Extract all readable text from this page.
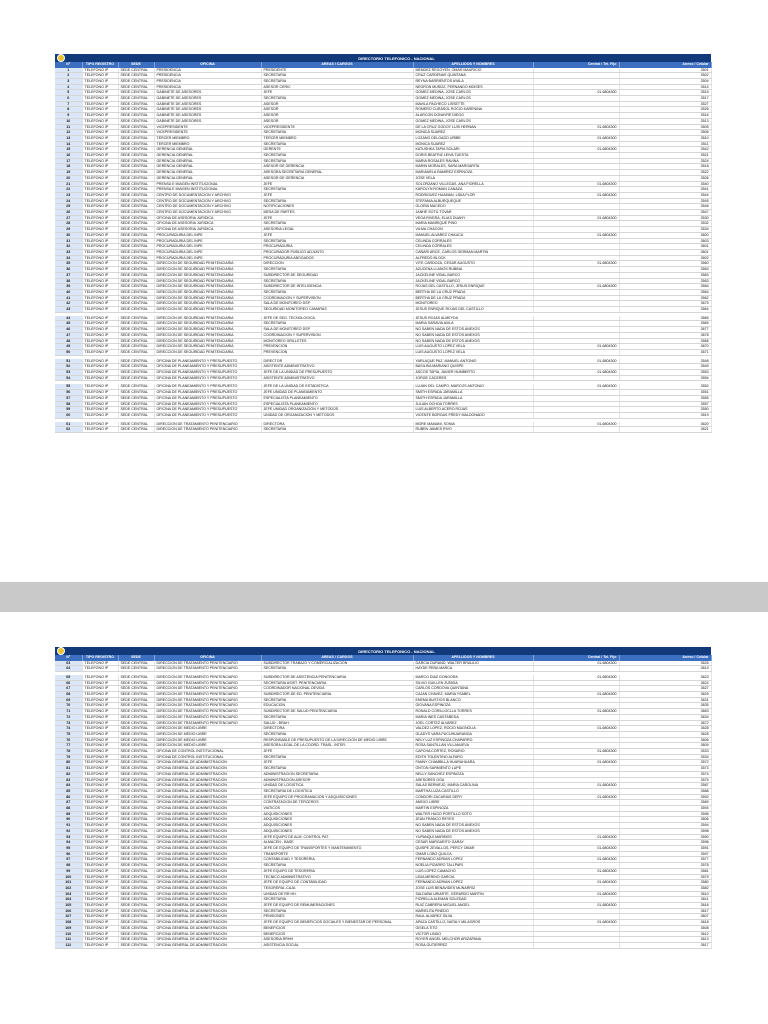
	DIRECTORIO TELEFONICO - NACIONAL						
Nº	TIPO REGISTRO	SEDE	OFICINA	AREAS / CARGOS	APELLIDOS Y NOMBRES	Central / Tel. Fijo	Anexo / Celular
1	TELEFONO IP	SEDE CENTRAL	PRESIDENCIA	PRESIDENTE	MENDEZ REGOYEN, OMAR MAURICIO		3501
2	TELEFONO IP	SEDE CENTRAL	PRESIDENCIA	SECRETARIA	CRUZ CARDENAS QUINTANA		3502
3	TELEFONO IP	SEDE CENTRAL	PRESIDENCIA	SECRETARIA	REYNA BARRIENTOS AYALA		3504
4	TELEFONO IP	SEDE CENTRAL	PRESIDENCIA	ASESOR CERIC	NEGRON MUÑOZ, FERNANDO MOISES		3514
5	TELEFONO IP	SEDE CENTRAL	GABINETE DE ASESORES	JEFE	GOMEZ MEDINA, JOSE CARLOS	01-6804300	3515
6	TELEFONO IP	SEDE CENTRAL	GABINETE DE ASESORES	SECRETARIA	GOMEZ MEDINA, JOSE CARLOS		3517
7	TELEFONO IP	SEDE CENTRAL	GABINETE DE ASESORES	ASESOR	MAVILA PACHECO LISSETTE		3527
8	TELEFONO IP	SEDE CENTRAL	GABINETE DE ASESORES	ASESOR	ROMERO CURASOL ROCIO KARENINA		3526
9	TELEFONO IP	SEDE CENTRAL	GABINETE DE ASESORES	ASESOR	ALARCON DONAYRE DIEGO		3516
10	TELEFONO IP	SEDE CENTRAL	GABINETE DE ASESORES	ASESOR	GOMEZ MEDINA, JOSE CARLOS		3513
11	TELEFONO IP	SEDE CENTRAL	VICEPRESIDENTE	VICEPRESIDENTE	DE LA CRUZ GODOY LUIS HERNAN	01-6804300	3505
12	TELEFONO IP	SEDE CENTRAL	VICEPRESIDENTE	SECRETARIA	MONICA SUAREZ		3506
13	TELEFONO IP	SEDE CENTRAL	TERCER MIEMBRO	TERCER MIEMBRO	LOZANO DELGADO URIBE	01-6804300	3510
14	TELEFONO IP	SEDE CENTRAL	TERCER MIEMBRO	SECRETARIA	MONICA SUAREZ		3511
15	TELEFONO IP	SEDE CENTRAL	GERENCIA GENERAL	GERENTE	KATUSHKA TAPIA SOLARI	01-6804300	3542
16	TELEFONO IP	SEDE CENTRAL	GERENCIA GENERAL	SECRETARIA	DORIS BEATRIZ LEIVA TUESTA		3521
17	TELEFONO IP	SEDE CENTRAL	GERENCIA GENERAL	SECRETARIA	MARIA ROSALES RAVINA		3524
18	TELEFONO IP	SEDE CENTRAL	GERENCIA GENERAL	ASESOR DE GERENCIA	MARIN MORALES, SARA MARGARITA		3518
19	TELEFONO IP	SEDE CENTRAL	GERENCIA GENERAL	ASESORA SECRETARIA GENERAL	MARIANELA RAMIREZ ESPINOZA		3522
20	TELEFONO IP	SEDE CENTRAL	GERENCIA GENERAL	ASESOR DE GERENCIA	JOSE VELA		3526
21	TELEFONO IP	SEDE CENTRAL	PRENSA E IMAGEN INSTITUCIONAL	JEFE	SOLORZANO VILLEGAS, ANA FIORELLA	01-6804300	3540
22	TELEFONO IP	SEDE CENTRAL	PRENSA E IMAGEN INSTITUCIONAL	SECRETARIA	KAROLYN ROMAN CANAZA		3541
23	TELEFONO IP	SEDE CENTRAL	CENTRO DE DOCUMENTACION Y ARCHIVO	JEFE	RODRIGUEZ HUAMAN, LIDIA FLOR	01-6804300	3544
24	TELEFONO IP	SEDE CENTRAL	CENTRO DE DOCUMENTACION Y ARCHIVO	SECRETARIA	STEFANIA ALBURQUEQUE		3545
25	TELEFONO IP	SEDE CENTRAL	CENTRO DE DOCUMENTACION Y ARCHIVO	NOTIFICACIONES	GLORIA MACEDO		3546
26	TELEFONO IP	SEDE CENTRAL	CENTRO DE DOCUMENTACION Y ARCHIVO	MESA DE PARTES	JANHE SOTIL TOVAR		3547
27	TELEFONO IP	SEDE CENTRAL	OFICINA DE ASESORIA JURIDICA	JEFE	VEGA RIVERA, ELIAS DUANY	01-6804300	3530
28	TELEFONO IP	SEDE CENTRAL	OFICINA DE ASESORIA JURIDICA	SECRETARIA	MARIA MANRIQUE PINO		3532
29	TELEFONO IP	SEDE CENTRAL	OFICINA DE ASESORIA JURIDICA	ASESORIA LEGAL	VILMA CHACON		3534
30	TELEFONO IP	SEDE CENTRAL	PROCURADURIA DEL INPE	JEFE	MANUEL ALVAREZ CHAUCA	01-6804300	3600
31	TELEFONO IP	SEDE CENTRAL	PROCURADURIA DEL INPE	SECRETARIA	CELINDA CORRALES		3603
32	TELEFONO IP	SEDE CENTRAL	PROCURADURIA DEL INPE	PROCURADURIA	CELINDA CORRALES		3601
33	TELEFONO IP	SEDE CENTRAL	PROCURADURIA DEL INPE	PROCURADOR PUBLICO ADJUNTO	CAÑARI ARCE, CARLOS GERMAN MARTIN		3601
34	TELEFONO IP	SEDE CENTRAL	PROCURADURIA DEL INPE	PROCURADURIA ABOGADOS	ALFREDO BLOCK		3602
35	TELEFONO IP	SEDE CENTRAL	DIRECCION DE SEGURIDAD PENITENCIARIA	DIRECCION	VITE CARDOZA, CESAR AUGUSTO	01-6804300	3560
36	TELEFONO IP	SEDE CENTRAL	DIRECCION DE SEGURIDAD PENITENCIARIA	SECRETARIA	AZUCENA LLANOS RUBINA		3563
37	TELEFONO IP	SEDE CENTRAL	DIRECCION DE SEGURIDAD PENITENCIARIA	SUBDIRECTOR DE SEGURIDAD	JACKELINE VIDAL BARCO		3563
38	TELEFONO IP	SEDE CENTRAL	DIRECCION DE SEGURIDAD PENITENCIARIA	SECRETARIA	JACKELINE VIDAL BARCO		3563
39	TELEFONO IP	SEDE CENTRAL	DIRECCION DE SEGURIDAD PENITENCIARIA	SUBDIRECTOR DE INTELIGENCIA	ROJAS DEL CASTILLO, JESUS ENRIQUE	01-6804300	3564
40	TELEFONO IP	SEDE CENTRAL	DIRECCION DE SEGURIDAD PENITENCIARIA	SECRETARIA	BERTHA DE LA CRUZ PRADA		3564
41	TELEFONO IP	SEDE CENTRAL	DIRECCION DE SEGURIDAD PENITENCIARIA	COORDINACION Y SUPERVISION	BERTHA DE LA CRUZ PRADA		3562
42	TELEFONO IP	SEDE CENTRAL	DIRECCION DE SEGURIDAD PENITENCIARIA	SALA DE MONITOREO DSP	MONITOREO		3675
43	TELEFONO IP	SEDE CENTRAL	DIRECCION DE SEGURIDAD PENITENCIARIA	SEGURIDAD MONITOREO CAMARAS	JESUS ENRIQUE ROJAS DEL CASTILLO		3564

44	TELEFONO IP	SEDE CENTRAL	DIRECCION DE SEGURIDAD PENITENCIARIA	JEFE DE SEG. TECNOLOGICA	JESUS ROJAS ALMEYDA		3565
45	TELEFONO IP	SEDE CENTRAL	DIRECCION DE SEGURIDAD PENITENCIARIA	SECRETARIA	MARIA SARAVIA AVILA		3565
46	TELEFONO IP	SEDE CENTRAL	DIRECCION DE SEGURIDAD PENITENCIARIA	SALA DE MONITOREO DSP	NO SABEN NADA DE ESTOS ANEXOS		3677
47	TELEFONO IP	SEDE CENTRAL	DIRECCION DE SEGURIDAD PENITENCIARIA	COORDINACION Y SUPERVISION	NO SABEN NADA DE ESTOS ANEXOS		3678
48	TELEFONO IP	SEDE CENTRAL	DIRECCION DE SEGURIDAD PENITENCIARIA	MONITOREO GRILLETES	NO SABEN NADA DE ESTOS ANEXOS		3568
49	TELEFONO IP	SEDE CENTRAL	DIRECCION DE SEGURIDAD PENITENCIARIA	PREVENCION	LUIS AUGUSTO LOPEZ VELA	01-6804300	3670
50	TELEFONO IP	SEDE CENTRAL	DIRECCION DE SEGURIDAD PENITENCIARIA	PREVENCION	LUIS AUGUSTO LOPEZ VELA		3671

51	TELEFONO IP	SEDE CENTRAL	OFICINA DE PLANEAMIENTO Y PRESUPUESTO	DIRECTOR	YARLAQUE PAZ, MANUEL ANTONIO	01-6804300	3548
52	TELEFONO IP	SEDE CENTRAL	OFICINA DE PLANEAMIENTO Y PRESUPUESTO	ASISTENTE ADMINISTRATIVO	BASILISA MARIANO QUISPE		3549
53	TELEFONO IP	SEDE CENTRAL	OFICINA DE PLANEAMIENTO Y PRESUPUESTO	JEFE DE LA UNIDAD DE PRESUPUESTO	ASCOS TAPIA, JAVIER HUMBERTO	01-6804300	3553
54	TELEFONO IP	SEDE CENTRAL	OFICINA DE PLANEAMIENTO Y PRESUPUESTO	ASISTENTE ADMINISTRATIVO	JORGE CACERES		3554

55	TELEFONO IP	SEDE CENTRAL	OFICINA DE PLANEAMIENTO Y PRESUPUESTO	JEFE DE LA UNIDAD DE ESTADISTICA	LUJAN DEL CAMPO, MARCOS ANTONIO	01-6804300	3552
56	TELEFONO IP	SEDE CENTRAL	OFICINA DE PLANEAMIENTO Y PRESUPUESTO	JEFE UNIDAD DE PLANEAMIENTO	SMITH ESPADA JARAMILLA		3551
57	TELEFONO IP	SEDE CENTRAL	OFICINA DE PLANEAMIENTO Y PRESUPUESTO	ESPECIALISTA PLANEAMIENTO	SMITH ESPADA JARAMILLA		3555
58	TELEFONO IP	SEDE CENTRAL	OFICINA DE PLANEAMIENTO Y PRESUPUESTO	ESPECIALISTA PLANEAMIENTO	JULIAN OCHOA TORRES		3557
59	TELEFONO IP	SEDE CENTRAL	OFICINA DE PLANEAMIENTO Y PRESUPUESTO	JEFE UNIDAD ORGANIZACIÓN Y METODOS	LUIS ALBERTO ACERO ROJAS		3550
60	TELEFONO IP	SEDE CENTRAL	OFICINA DE PLANEAMIENTO Y PRESUPUESTO	UNIDAD DE ORGANIZACION Y METODOS	VICENTE BORGAS FREDY MALDONADO		3519

61	TELEFONO IP	SEDE CENTRAL	DIRECCION DE TRATAMIENTO PENITENCIARIO	DIRECTORA	MORE MAMANI, SONIA	01-6804300	3620
62	TELEFONO IP	SEDE CENTRAL	DIRECCION DE TRATAMIENTO PENITENCIARIO	SECRETARIA	RUBEN JAIMES RIVO		3621
	DIRECTORIO TELEFONICO - NACIONAL						
Nº	TIPO REGISTRO	SEDE	OFICINA	AREAS / CARGOS	APELLIDOS Y NOMBRES	Central / Tel. Fijo	Anexo / Celular
63	TELEFONO IP	SEDE CENTRAL	DIRECCION DE TRATAMIENTO PENITENCIARIO	SUBDIRECTOR TRABAJO Y COMERCIALIZACION	GARCIA DURAND, WALTER BRAULIO	01-6804300	3626
64	TELEFONO IP	SEDE CENTRAL	DIRECCION DE TRATAMIENTO PENITENCIARIO	SECRETARIA	HAYDE PEÑA MARCA		3619

65	TELEFONO IP	SEDE CENTRAL	DIRECCION DE TRATAMIENTO PENITENCIARIO	SUBDIRECTOR DE ASISTENCIA PENITENCIARIA	MARCO DIAZ GONGORA	01-6804300	3623
66	TELEFONO IP	SEDE CENTRAL	DIRECCION DE TRATAMIENTO PENITENCIARIO	SECRETARIA ASIST. PENITENCIARIA	SILVIO GUILLEN ZUÑIGA		3624
67	TELEFONO IP	SEDE CENTRAL	DIRECCION DE TRATAMIENTO PENITENCIARIO	COORDINADOR NACIONAL DEVIDA	CARLOS CORDOVA QUINTANA		3627
68	TELEFONO IP	SEDE CENTRAL	DIRECCION DE TRATAMIENTO PENITENCIARIO	SUBDIRECTOR DE ED. PENITENCIARIA	CAJAN CHAVEZ, MARIA YSABEL	01-6804300	3629
69	TELEFONO IP	SEDE CENTRAL	DIRECCION DE TRATAMIENTO PENITENCIARIO	SECRETARIA	ENEMA BUSTIOS BLANCO		3631
70	TELEFONO IP	SEDE CENTRAL	DIRECCION DE TRATAMIENTO PENITENCIARIO	EDUCACION	GIOVANA ESPINOZA		3635
71	TELEFONO IP	SEDE CENTRAL	DIRECCION DE TRATAMIENTO PENITENCIARIO	SUBDIRECTOR DE SALUD PENITENCIARIA	RONALD CORILLOCLLA TORRES	01-6804300	3663
72	TELEFONO IP	SEDE CENTRAL	DIRECCION DE TRATAMIENTO PENITENCIARIO	SECRETARIA	MARIA INES CASTAÑEDA		3634
73	TELEFONO IP	SEDE CENTRAL	DIRECCION DE TRATAMIENTO PENITENCIARIO	SALUD - BRAH	JOEL CORTEZ ALVAREZ		3672
74	TELEFONO IP	SEDE CENTRAL	DIRECCION DE MEDIO LIBRE	DIRECTORA	VALDEZ LOPEZ, ROCIO MAGNOLIA	01-6804300	3628
75	TELEFONO IP	SEDE CENTRAL	DIRECCION DE MEDIO LIBRE	SECRETARIA	GLADYS VARA PUCUHUARANGA		3628
76	TELEFONO IP	SEDE CENTRAL	DIRECCION DE MEDIO LIBRE	RESPONSABLE DE PRESUPUESTO DE LA DIRECCIÓN DE MEDIO LIBRE	NELY LUZ ESPINOZA CHAPARRO		3606
77	TELEFONO IP	SEDE CENTRAL	DIRECCION DE MEDIO LIBRE	ASESORA LEGAL DE LA COORD. TRASL. INTER.	ROSA SANTILLAN VILLANUEVA		3609
78	TELEFONO IP	SEDE CENTRAL	OFICINA DE CONTROL INSTITUCIONAL	JEFE	CAPCHA CORTEZ, ROSARIO	01-6804300	3533
79	TELEFONO IP	SEDE CENTRAL	OFICINA DE CONTROL INSTITUCIONAL	SECRETARIA	EDITH TOLENTINO ALFARO		3534
80	TELEFONO IP	SEDE CENTRAL	OFICINA GENERAL DE ADMINISTRACION	JEFE	FANNY CHAMBILLA HUARAHUARA	01-6804300	3572
81	TELEFONO IP	SEDE CENTRAL	OFICINA GENERAL DE ADMINISTRACION	SECRETARIA	ONTON SARMIENTO LUPE		3573
82	TELEFONO IP	SEDE CENTRAL	OFICINA GENERAL DE ADMINISTRACION	ADMINISTRACION SECRETARIA	NELLY SANCHEZ ESPINOZA		3574
83	TELEFONO IP	SEDE CENTRAL	OFICINA GENERAL DE ADMINISTRACION	ADMINISTRACION ASESOR	ASESORES OGA		3575
84	TELEFONO IP	SEDE CENTRAL	OFICINA GENERAL DE ADMINISTRACION	UNIDAD DE LOGISTICA	SALAS BERMEJO, MARIA CAROLINA	01-6804300	3587
85	TELEFONO IP	SEDE CENTRAL	OFICINA GENERAL DE ADMINISTRACION	SECRETARIA DE LOGISTICA	MARTHA LUZA CASTILLO		3588
86	TELEFONO IP	SEDE CENTRAL	OFICINA GENERAL DE ADMINISTRACION	JEFE EQUIPO DE PROGRAMACIÓN Y ADQUISICIONES	CONDORI ZACARIAS DERY	01-6804300	3592
87	TELEFONO IP	SEDE CENTRAL	OFICINA GENERAL DE ADMINISTRACION	CONTRATACION DE TERCEROS	ANEXO LIBRE		3589
88	TELEFONO IP	SEDE CENTRAL	OFICINA GENERAL DE ADMINISTRACION	VIATICOS	MARTIN ESPINOZA		3594
89	TELEFONO IP	SEDE CENTRAL	OFICINA GENERAL DE ADMINISTRACION	ADQUISICIONES	WALTER HUGO PORTILLO SOTO		3596
90	TELEFONO IP	SEDE CENTRAL	OFICINA GENERAL DE ADMINISTRACION	ADQUISICIONES	JEAN FRANCO REYES		3606
91	TELEFONO IP	SEDE CENTRAL	OFICINA GENERAL DE ADMINISTRACION	ADQUISICIONES	NO SABEN NADA DE ESTOS ANEXOS		3594
92	TELEFONO IP	SEDE CENTRAL	OFICINA GENERAL DE ADMINISTRACION	ADQUISICIONES	NO SABEN NADA DE ESTOS ANEXOS		3598
93	TELEFONO IP	SEDE CENTRAL	OFICINA GENERAL DE ADMINISTRACION	JEFE EQUIPO DE ALM. CONTROL PAT.	YUPANQUI MARIÑOS	01-6804300	3590
94	TELEFONO IP	SEDE CENTRAL	OFICINA GENERAL DE ADMINISTRACION	ALMACEN - BASE	CESAR MARGARITO GARAY		3596
95	TELEFONO IP	SEDE CENTRAL	OFICINA GENERAL DE ADMINISTRACION	JEFE DE EQUIPO DE TRANSPORTES Y MANTENIMIENTO	QUISPE ZEVALLOS, PERCY OMAR	01-6804300	3591
96	TELEFONO IP	SEDE CENTRAL	OFICINA GENERAL DE ADMINISTRACION	TRANSPORTE	OMAR LOBO QUILCA		3597
97	TELEFONO IP	SEDE CENTRAL	OFICINA GENERAL DE ADMINISTRACION	CONTABILIDAD Y TESORERIA	FERNANDO ADRIAN LOPEZ	01-6804300	3577
98	TELEFONO IP	SEDE CENTRAL	OFICINA GENERAL DE ADMINISTRACION	SECRETARIA	NOELIA PIZARRO TALLPARI		3578
99	TELEFONO IP	SEDE CENTRAL	OFICINA GENERAL DE ADMINISTRACION	JEFE EQUIPO DE TESORERIA	LUIS LOPEZ CAMACHO	01-6804300	3581
100	TELEFONO IP	SEDE CENTRAL	OFICINA GENERAL DE ADMINISTRACION	TECNICO ADMINISTRATIVO	LIDIA MERINO GARCIA		3579
101	TELEFONO IP	SEDE CENTRAL	OFICINA GENERAL DE ADMINISTRACION	JEFE DE EQUIPO DE CONTABILIDAD	FERNANDO ADRIAN LOPEZ	01-6804300	3580
102	TELEFONO IP	SEDE CENTRAL	OFICINA GENERAL DE ADMINISTRACION	TESORERIA -CAJA	JOSE LUIS BENAVIDES MUNARRIZ		3582
103	TELEFONO IP	SEDE CENTRAL	OFICINA GENERAL DE ADMINISTRACION	UNIDAD DE RR.HH.	SALDAÑA URIARTE, GERARDO MARTIN	01-6804300	3610
104	TELEFONO IP	SEDE CENTRAL	OFICINA GENERAL DE ADMINISTRACION	SECRETARIA	FIORELLA ALEMAN SOLEDAD		3611
105	TELEFONO IP	SEDE CENTRAL	OFICINA GENERAL DE ADMINISTRACION	JEFE DE EQUIPO DE REMUNERACIONES	RUIZ CABRERA MIGUEL ANGEL	01-6804300	3616
106	TELEFONO IP	SEDE CENTRAL	OFICINA GENERAL DE ADMINISTRACION	SECRETARIA	MARIELITA PINEDO		3617
107	TELEFONO IP	SEDE CENTRAL	OFICINA GENERAL DE ADMINISTRACION	PENSIONES	RAUL ALVAREZ SILVA		3607
108	TELEFONO IP	SEDE CENTRAL	OFICINA GENERAL DE ADMINISTRACION	JEFE DE EQUIPO DE BENEFICIOS SOCIALES Y BIENESTAR DE PERSONAL	APAZA CASTILLO, NATALY MILAGROS	01-6804300	3618
109	TELEFONO IP	SEDE CENTRAL	OFICINA GENERAL DE ADMINISTRACION	BENEFICIOS	GISELA TITO		3608
110	TELEFONO IP	SEDE CENTRAL	OFICINA GENERAL DE ADMINISTRACION	BENEFICIOS	VICTOR LINDO		3612
111	TELEFONO IP	SEDE CENTRAL	OFICINA GENERAL DE ADMINISTRACION	ASESORIA RRHH	ROYER ANGEL MELCHOR ARIZAPANA		3613
112	TELEFONO IP	SEDE CENTRAL	OFICINA GENERAL DE ADMINISTRACION	ASISTENCIA SOCIAL	ROSA GUTIERREZ		3617
